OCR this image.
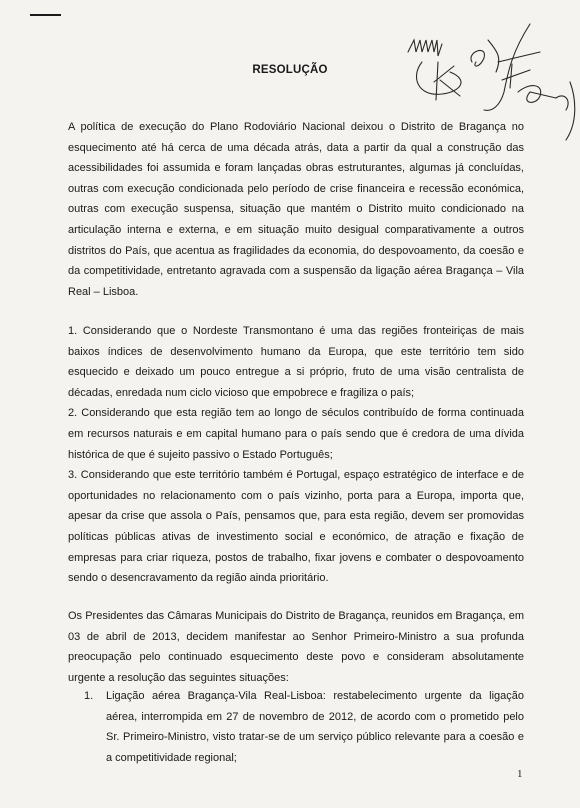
RESOLUÇÃO
A política de execução do Plano Rodoviário Nacional deixou o Distrito de Bragança no esquecimento até há cerca de uma década atrás, data a partir da qual a construção das acessibilidades foi assumida e foram lançadas obras estruturantes, algumas já concluídas, outras com execução condicionada pelo período de crise financeira e recessão económica, outras com execução suspensa, situação que mantém o Distrito muito condicionado na articulação interna e externa, e em situação muito desigual comparativamente a outros distritos do País, que acentua as fragilidades da economia, do despovoamento, da coesão e da competitividade, entretanto agravada com a suspensão da ligação aérea Bragança – Vila Real – Lisboa.

1. Considerando que o Nordeste Transmontano é uma das regiões fronteiriças de mais baixos índices de desenvolvimento humano da Europa, que este território tem sido esquecido e deixado um pouco entregue a si próprio, fruto de uma visão centralista de décadas, enredada num ciclo vicioso que empobrece e fragiliza o país;

2. Considerando que esta região tem ao longo de séculos contribuído de forma continuada em recursos naturais e em capital humano para o país sendo que é credora de uma dívida histórica de que é sujeito passivo o Estado Português;

3. Considerando que este território também é Portugal, espaço estratégico de interface e de oportunidades no relacionamento com o país vizinho, porta para a Europa, importa que, apesar da crise que assola o País, pensamos que, para esta região, devem ser promovidas políticas públicas ativas de investimento social e económico, de atração e fixação de empresas para criar riqueza, postos de trabalho, fixar jovens e combater o despovoamento sendo o desencravamento da região ainda prioritário.

Os Presidentes das Câmaras Municipais do Distrito de Bragança, reunidos em Bragança, em 03 de abril de 2013, decidem manifestar ao Senhor Primeiro-Ministro a sua profunda preocupação pelo continuado esquecimento deste povo e consideram absolutamente urgente a resolução das seguintes situações:

1.	Ligação aérea Bragança-Vila Real-Lisboa: restabelecimento urgente da ligação aérea, interrompida em 27 de novembro de 2012, de acordo com o prometido pelo Sr. Primeiro-Ministro, visto tratar-se de um serviço público relevante para a coesão e a competitividade regional;
1
